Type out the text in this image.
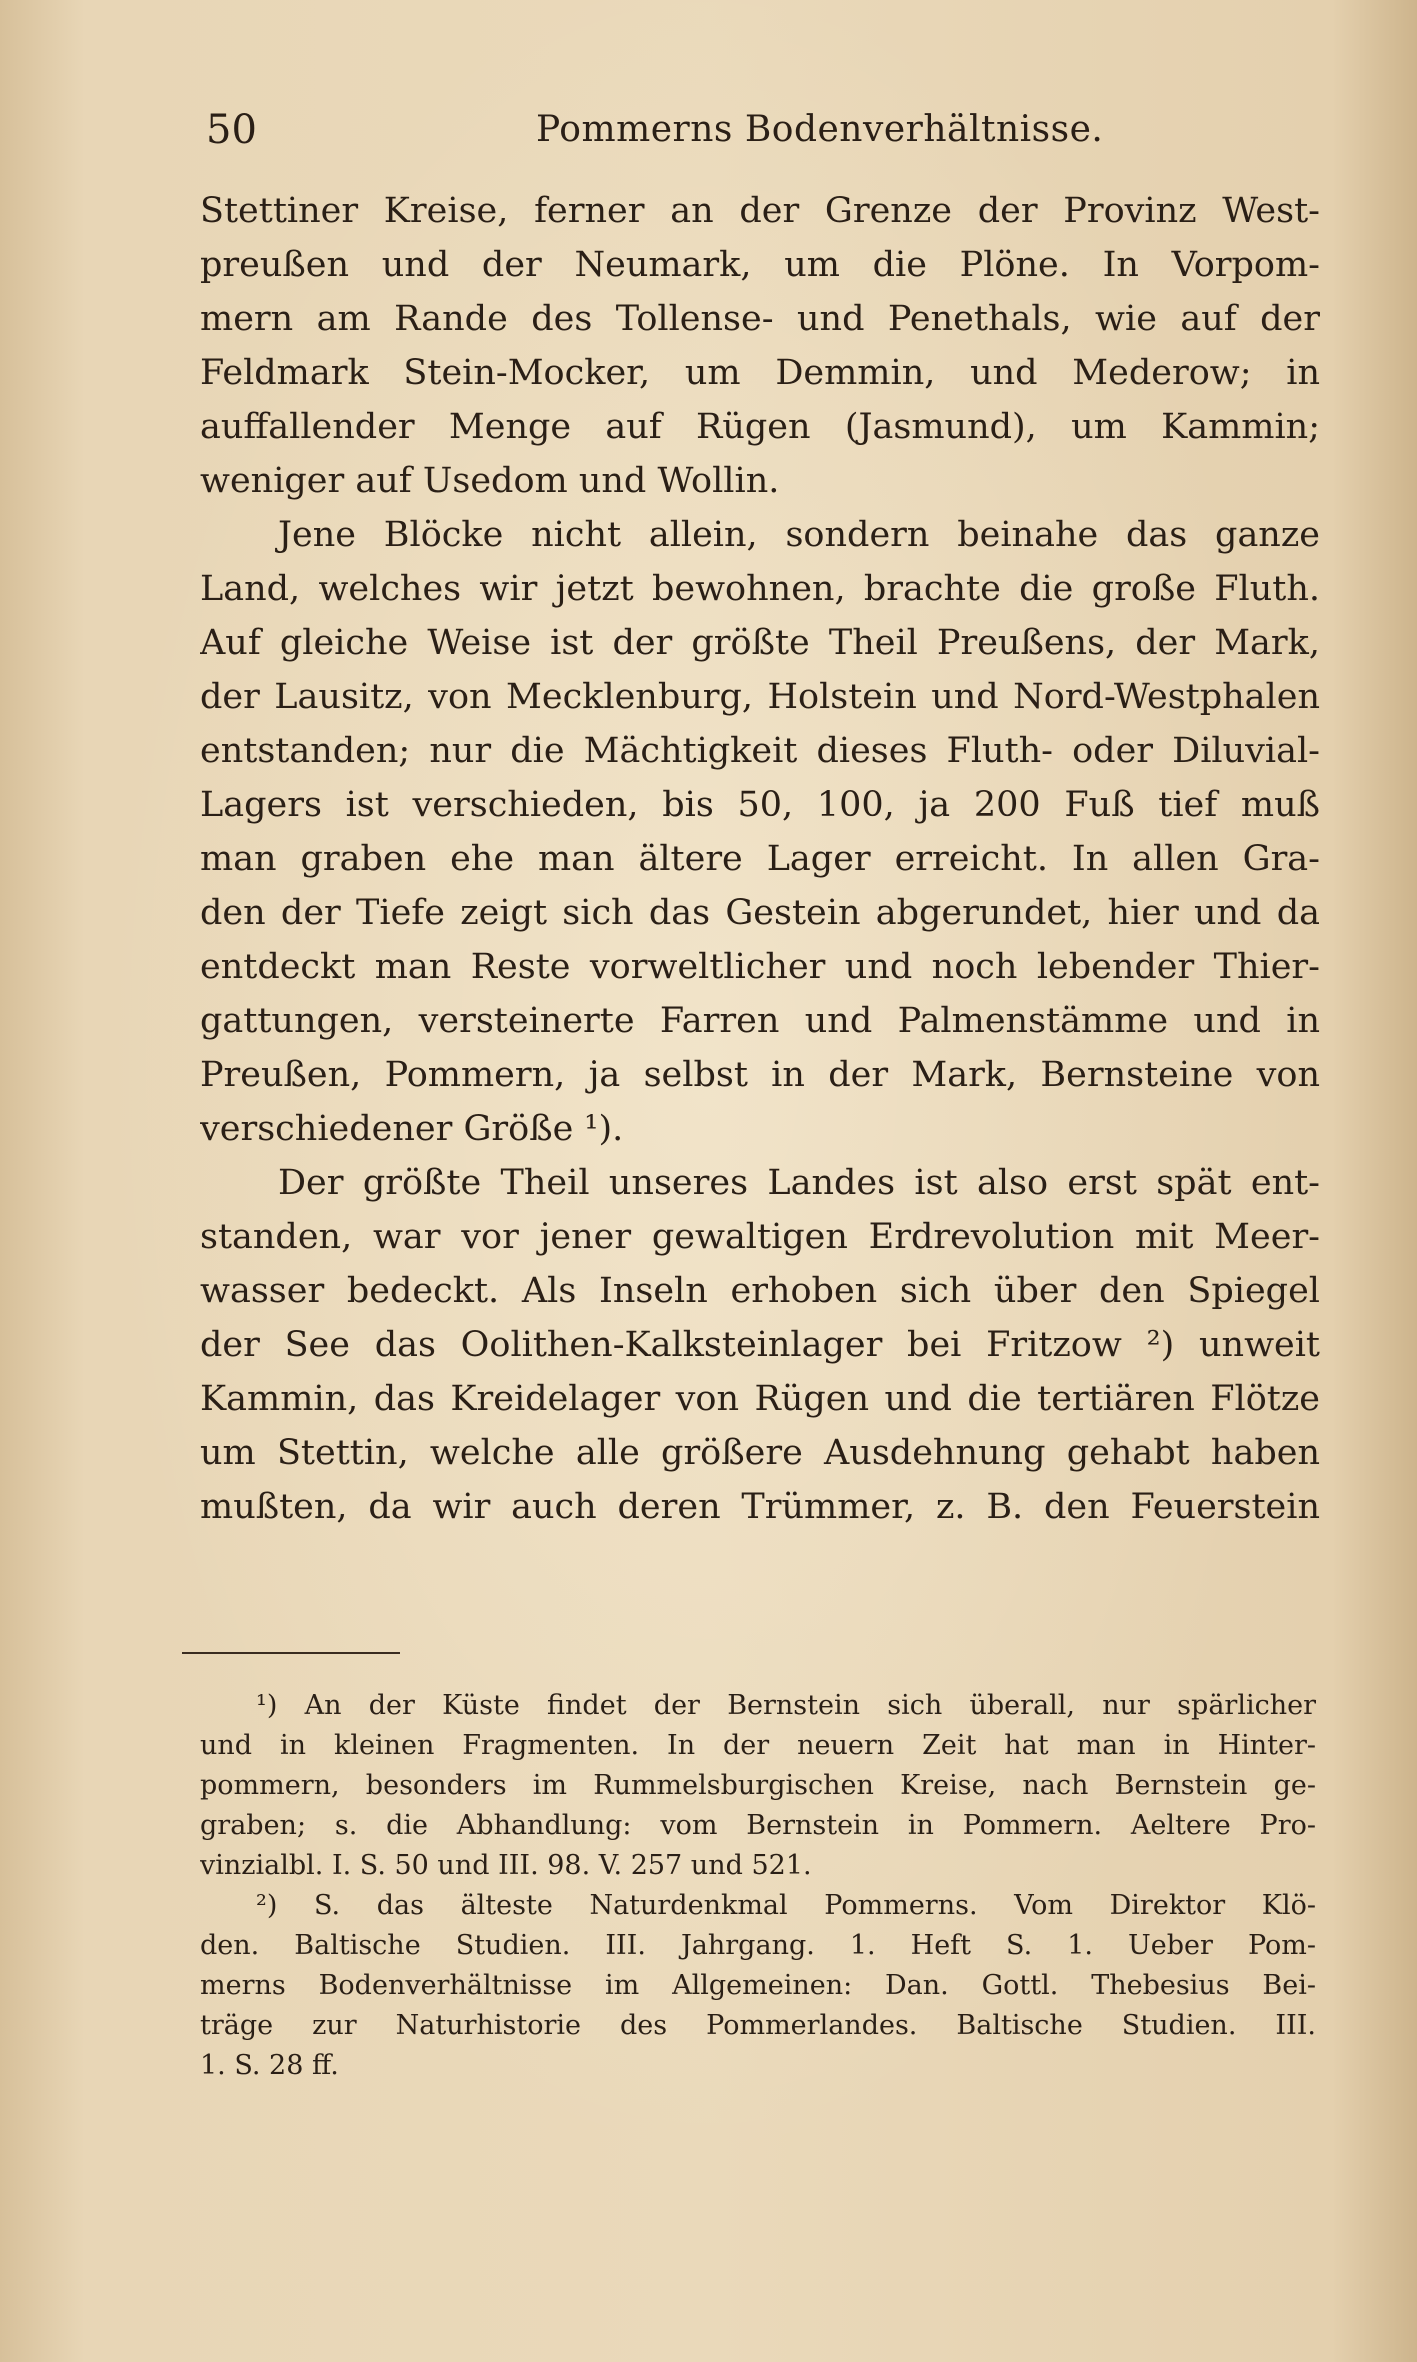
50	Pommerns Bodenverhältnisse.

Stettiner Kreise, ferner an der Grenze der Provinz West-

preußen und der Neumark, um die Plöne. In Vorpom-

mern am Rande des Tollense- und Penethals, wie auf der

Feldmark Stein-Mocker, um Demmin, und Mederow; in

auffallender Menge auf Rügen (Jasmund), um Kammin;

weniger auf Usedom und Wollin.

Jene Blöcke nicht allein, sondern beinahe das ganze

Land, welches wir jetzt bewohnen, brachte die große Fluth.

Auf gleiche Weise ist der größte Theil Preußens, der Mark,

der Lausitz, von Mecklenburg, Holstein und Nord-Westphalen

entstanden; nur die Mächtigkeit dieses Fluth- oder Diluvial-

Lagers ist verschieden, bis 50, 100, ja 200 Fuß tief muß

man graben ehe man ältere Lager erreicht. In allen Gra-

den der Tiefe zeigt sich das Gestein abgerundet, hier und da

entdeckt man Reste vorweltlicher und noch lebender Thier-

gattungen, versteinerte Farren und Palmenstämme und in

Preußen, Pommern, ja selbst in der Mark, Bernsteine von

verschiedener Größe ¹).

Der größte Theil unseres Landes ist also erst spät ent-

standen, war vor jener gewaltigen Erdrevolution mit Meer-

wasser bedeckt. Als Inseln erhoben sich über den Spiegel

der See das Oolithen-Kalksteinlager bei Fritzow ²) unweit

Kammin, das Kreidelager von Rügen und die tertiären Flötze

um Stettin, welche alle größere Ausdehnung gehabt haben

mußten, da wir auch deren Trümmer, z. B. den Feuerstein

¹) An der Küste findet der Bernstein sich überall, nur spärlicher

und in kleinen Fragmenten. In der neuern Zeit hat man in Hinter-

pommern, besonders im Rummelsburgischen Kreise, nach Bernstein ge-

graben; s. die Abhandlung: vom Bernstein in Pommern. Aeltere Pro-

vinzialbl. I. S. 50 und III. 98. V. 257 und 521.

²) S. das älteste Naturdenkmal Pommerns. Vom Direktor Klö-

den. Baltische Studien. III. Jahrgang. 1. Heft S. 1. Ueber Pom-

merns Bodenverhältnisse im Allgemeinen: Dan. Gottl. Thebesius Bei-

träge zur Naturhistorie des Pommerlandes. Baltische Studien. III.

1. S. 28 ff.
